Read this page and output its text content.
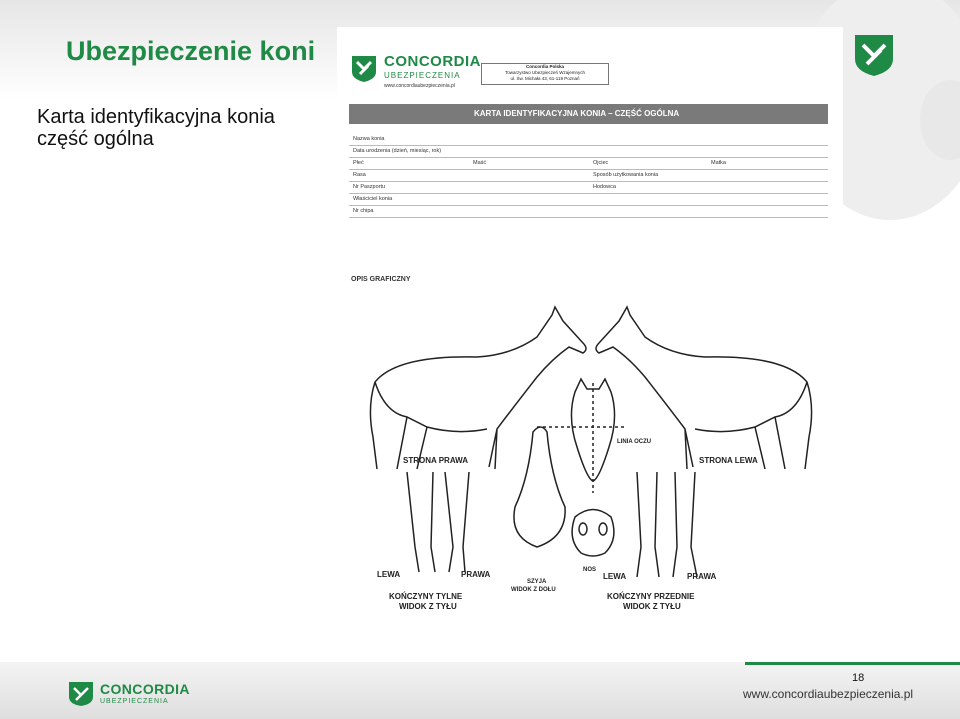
Ubezpieczenie koni
Karta identyfikacyjna konia
część ogólna
CONCORDIA
UBEZPIECZENIA
www.concordiaubezpieczenia.pl
Concordia Polska
Towarzystwo Ubezpieczeń Wzajemnych
ul. Św. Michała 43, 61-119 Poznań
KARTA IDENTYFIKACYJNA KONIA – CZĘŚĆ OGÓLNA
Nazwa konia
Data urodzenia (dzień, miesiąc, rok)
Płeć	Maść	Ojciec	Matka
Rasa	Sposób użytkowania konia
Nr Paszportu	Hodowca
Właściciel konia
Nr chipa
OPIS GRAFICZNY
STRONA PRAWA	STRONA LEWA
LINIA OCZU
LEWA	PRAWA
KOŃCZYNY TYLNE
WIDOK Z TYŁU
SZYJA
WIDOK Z DOŁU
NOS
LEWA	PRAWA
KOŃCZYNY PRZEDNIE
WIDOK Z TYŁU
CONCORDIA
UBEZPIECZENIA
18
www.concordiaubezpieczenia.pl
